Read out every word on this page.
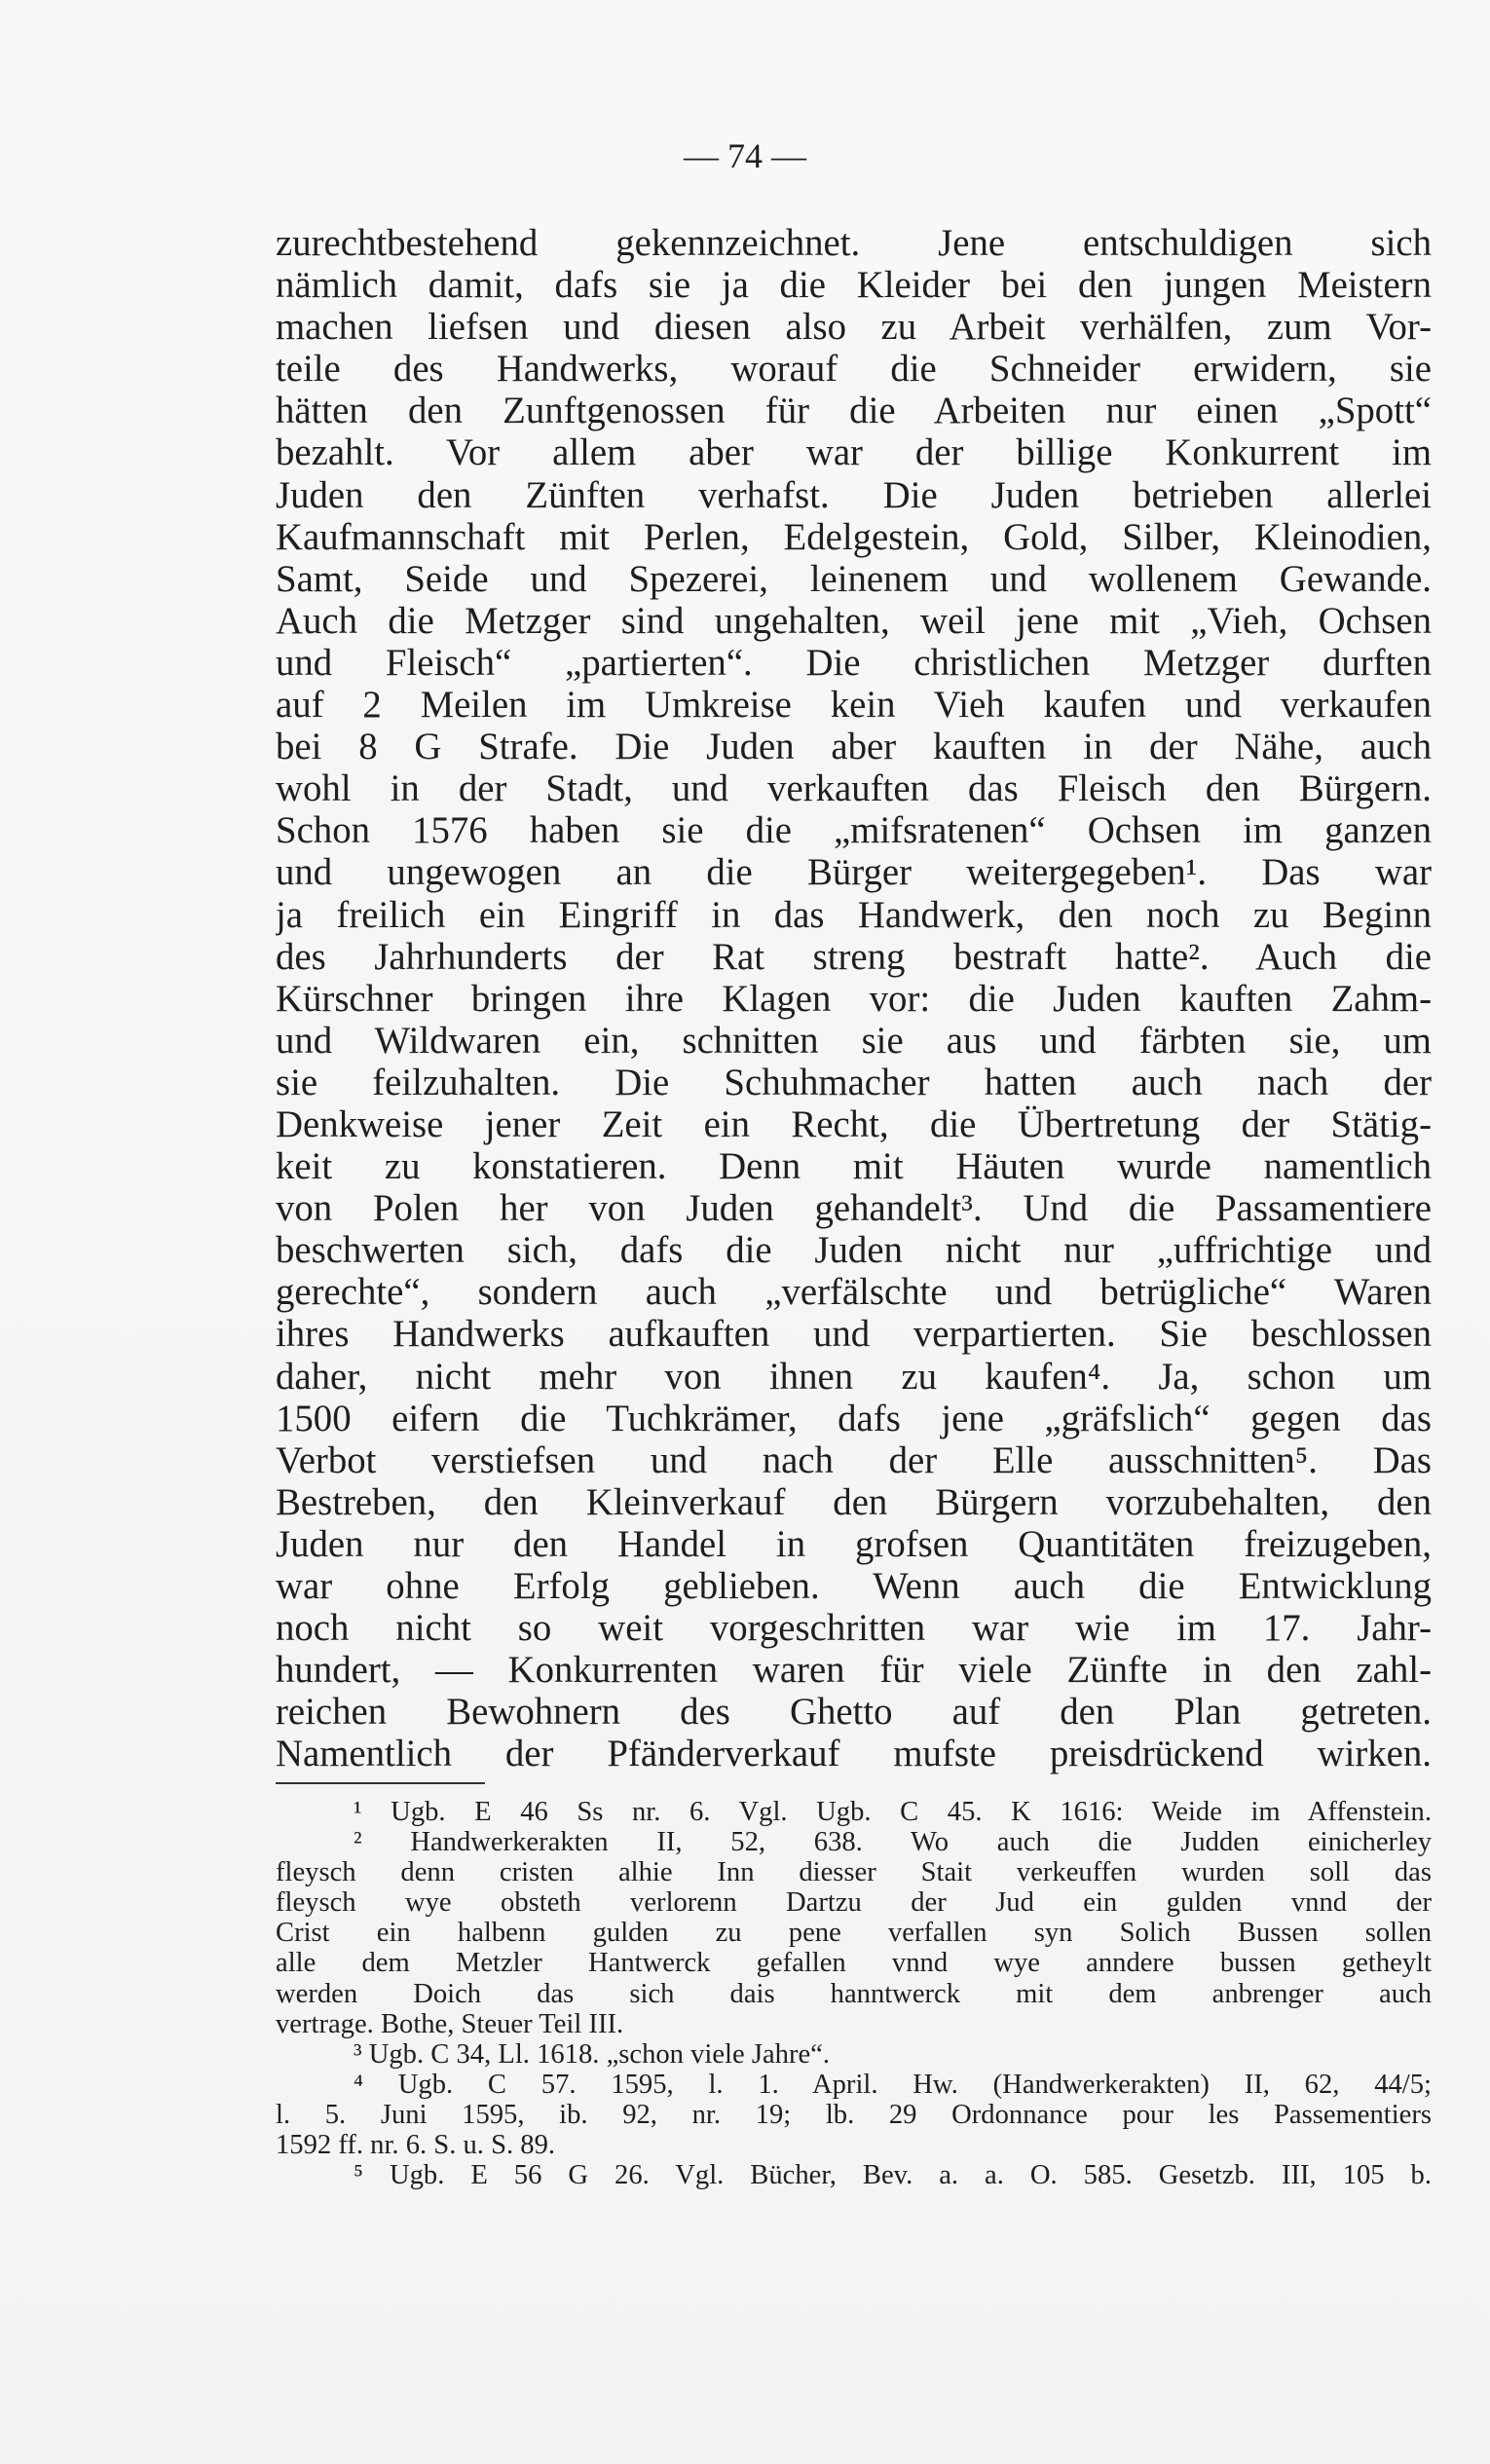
— 74 —
zurechtbestehend gekennzeichnet. Jene entschuldigen sich
nämlich damit, dafs sie ja die Kleider bei den jungen Meistern
machen liefsen und diesen also zu Arbeit verhälfen, zum Vor-
teile des Handwerks, worauf die Schneider erwidern, sie
hätten den Zunftgenossen für die Arbeiten nur einen „Spott“
bezahlt. Vor allem aber war der billige Konkurrent im
Juden den Zünften verhafst. Die Juden betrieben allerlei
Kaufmannschaft mit Perlen, Edelgestein, Gold, Silber, Kleinodien,
Samt, Seide und Spezerei, leinenem und wollenem Gewande.
Auch die Metzger sind ungehalten, weil jene mit „Vieh, Ochsen
und Fleisch“ „partierten“. Die christlichen Metzger durften
auf 2 Meilen im Umkreise kein Vieh kaufen und verkaufen
bei 8 G Strafe. Die Juden aber kauften in der Nähe, auch
wohl in der Stadt, und verkauften das Fleisch den Bürgern.
Schon 1576 haben sie die „mifsratenen“ Ochsen im ganzen
und ungewogen an die Bürger weitergegeben¹. Das war
ja freilich ein Eingriff in das Handwerk, den noch zu Beginn
des Jahrhunderts der Rat streng bestraft hatte². Auch die
Kürschner bringen ihre Klagen vor: die Juden kauften Zahm-
und Wildwaren ein, schnitten sie aus und färbten sie, um
sie feilzuhalten. Die Schuhmacher hatten auch nach der
Denkweise jener Zeit ein Recht, die Übertretung der Stätig-
keit zu konstatieren. Denn mit Häuten wurde namentlich
von Polen her von Juden gehandelt³. Und die Passamentiere
beschwerten sich, dafs die Juden nicht nur „uffrichtige und
gerechte“, sondern auch „verfälschte und betrügliche“ Waren
ihres Handwerks aufkauften und verpartierten. Sie beschlossen
daher, nicht mehr von ihnen zu kaufen⁴. Ja, schon um
1500 eifern die Tuchkrämer, dafs jene „gräfslich“ gegen das
Verbot verstiefsen und nach der Elle ausschnitten⁵. Das
Bestreben, den Kleinverkauf den Bürgern vorzubehalten, den
Juden nur den Handel in grofsen Quantitäten freizugeben,
war ohne Erfolg geblieben. Wenn auch die Entwicklung
noch nicht so weit vorgeschritten war wie im 17. Jahr-
hundert, — Konkurrenten waren für viele Zünfte in den zahl-
reichen Bewohnern des Ghetto auf den Plan getreten.
Namentlich der Pfänderverkauf mufste preisdrückend wirken.
¹ Ugb. E 46 Ss nr. 6. Vgl. Ugb. C 45. K 1616: Weide im Affenstein.
² Handwerkerakten II, 52, 638. Wo auch die Judden einicherley
fleysch denn cristen alhie Inn diesser Stait verkeuffen wurden soll das
fleysch wye obsteth verlorenn Dartzu der Jud ein gulden vnnd der
Crist ein halbenn gulden zu pene verfallen syn Solich Bussen sollen
alle dem Metzler Hantwerck gefallen vnnd wye anndere bussen getheylt
werden Doich das sich dais hanntwerck mit dem anbrenger auch
vertrage. Bothe, Steuer Teil III.
³ Ugb. C 34, Ll. 1618. „schon viele Jahre“.
⁴ Ugb. C 57. 1595, l. 1. April. Hw. (Handwerkerakten) II, 62, 44/5;
l. 5. Juni 1595, ib. 92, nr. 19; lb. 29 Ordonnance pour les Passementiers
1592 ff. nr. 6. S. u. S. 89.
⁵ Ugb. E 56 G 26. Vgl. Bücher, Bev. a. a. O. 585. Gesetzb. III, 105 b.
